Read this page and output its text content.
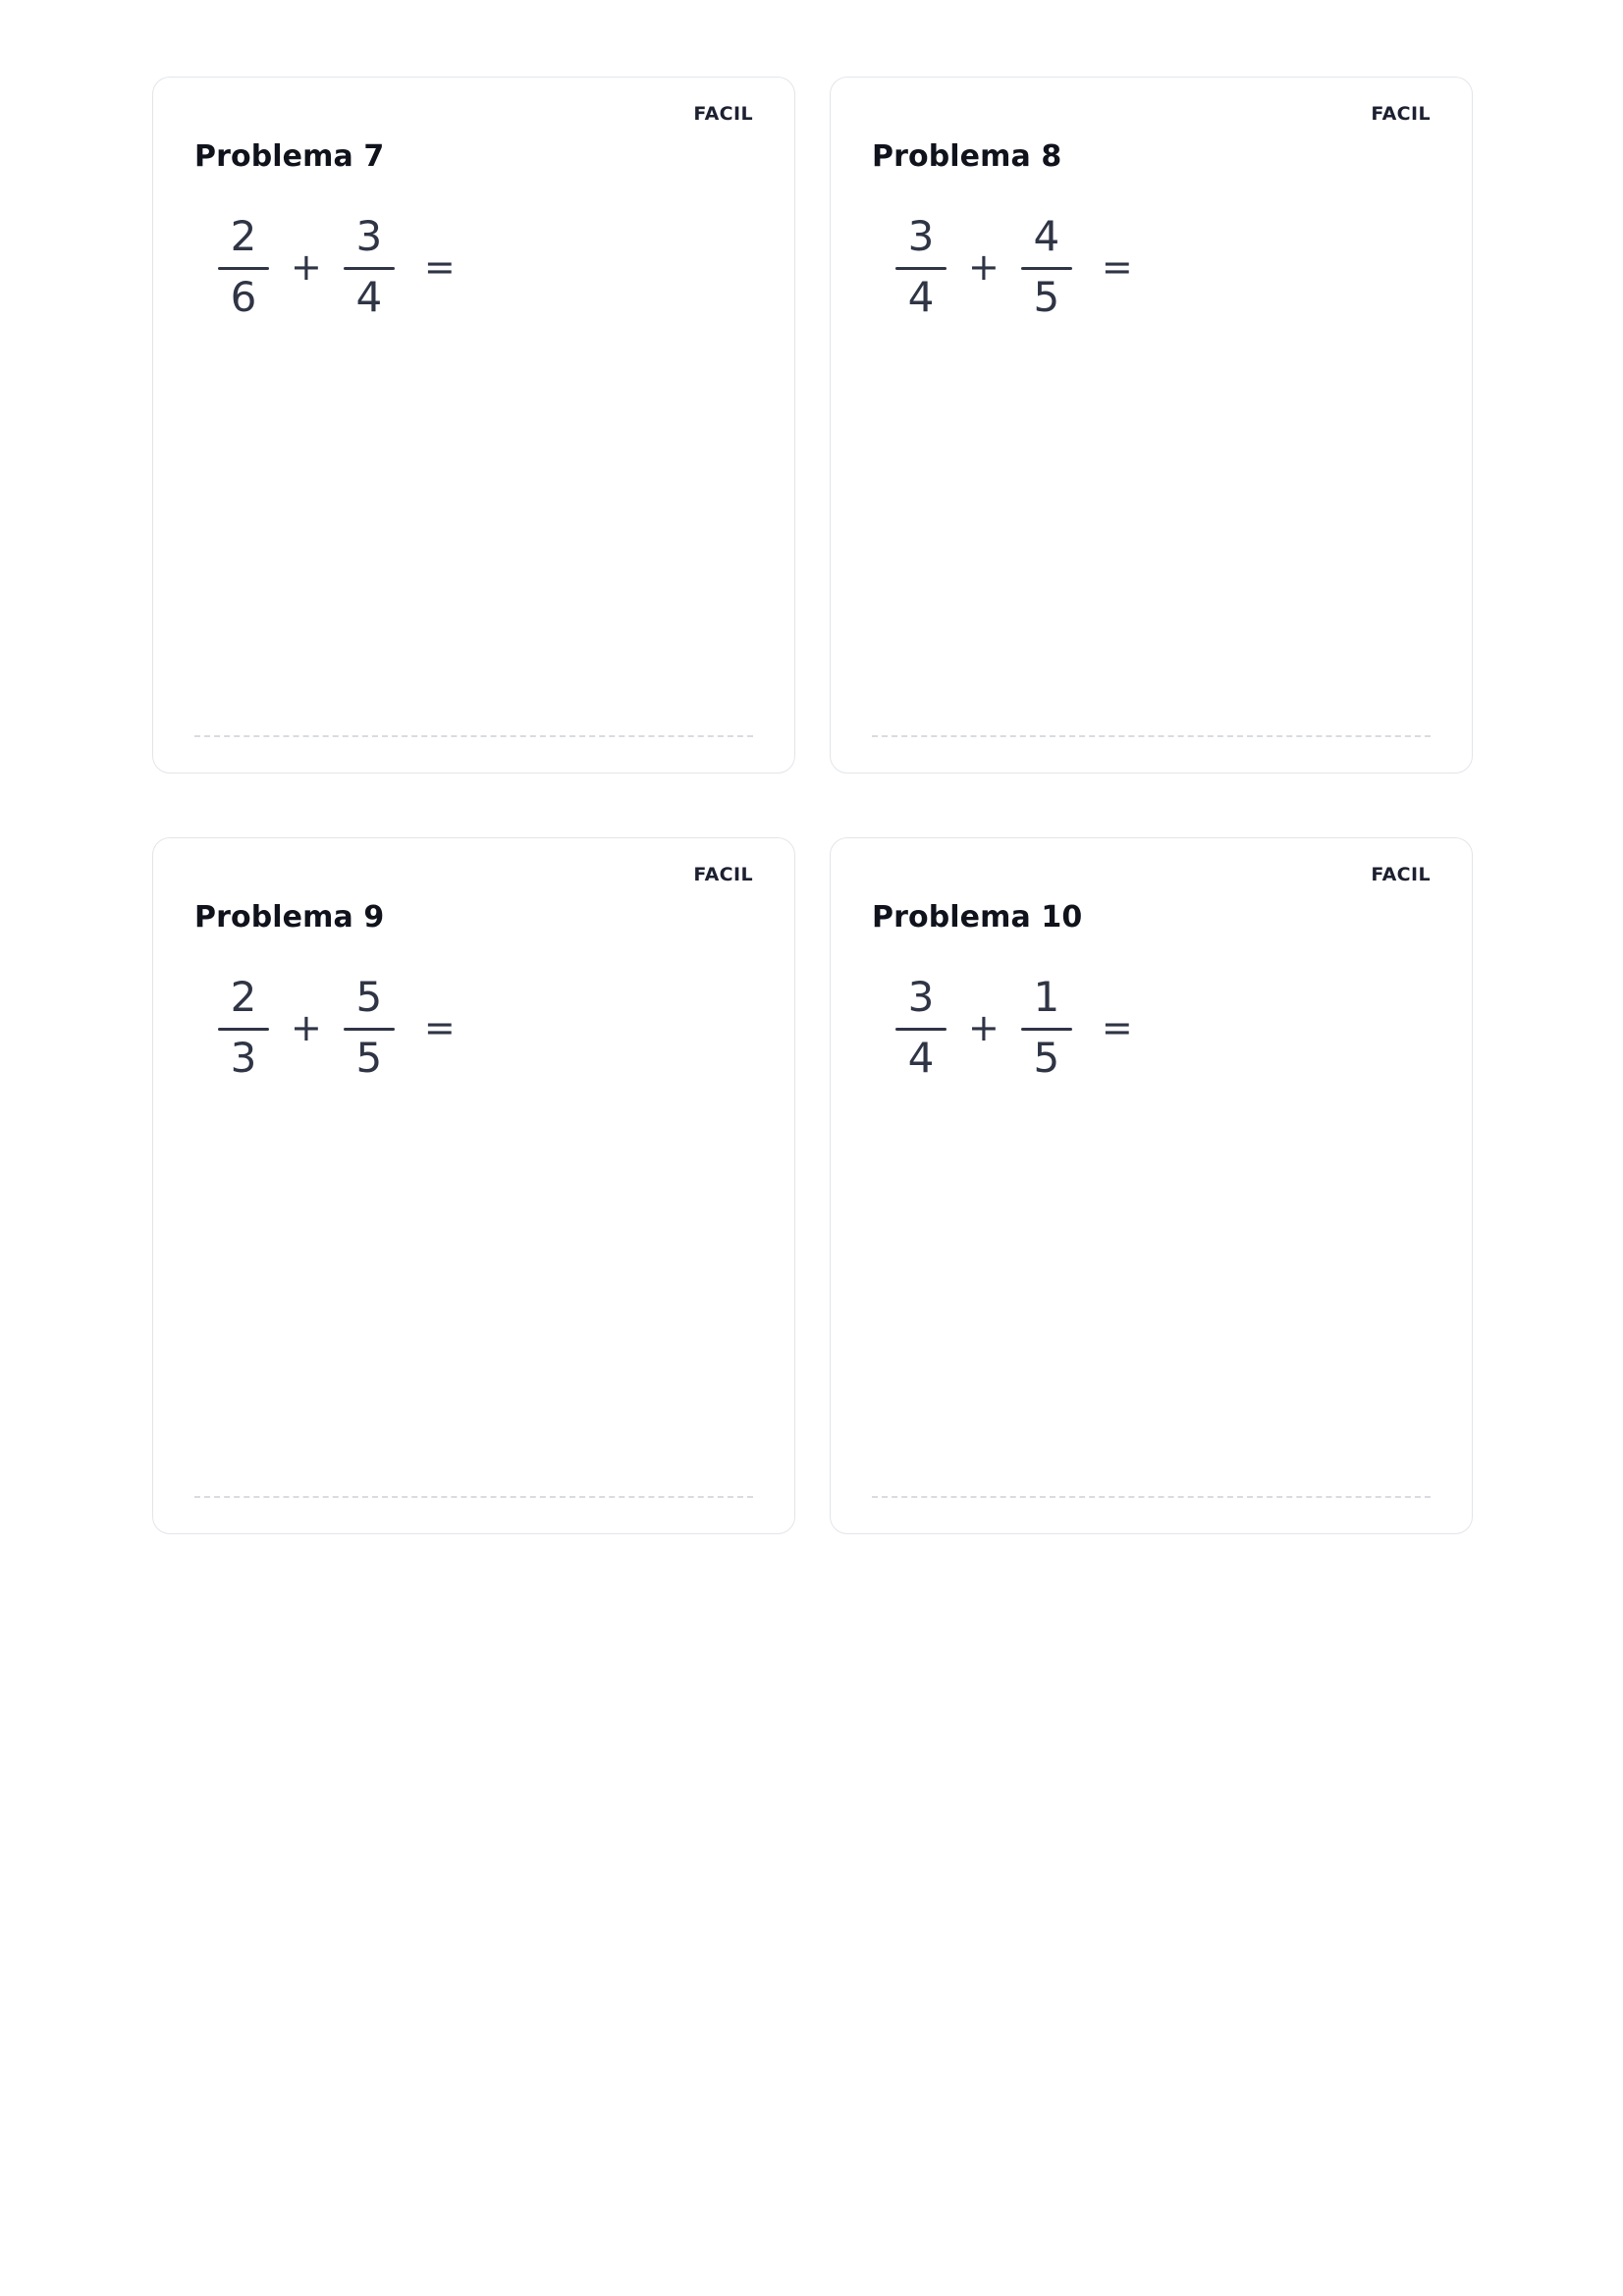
FACIL
Problema 7
$\frac{2}{6} + \frac{3}{4}$ =
FACIL
Problema 8
$\frac{3}{4} + \frac{4}{5}$ =
FACIL
Problema 9
$\frac{2}{3} + \frac{5}{5}$ =
FACIL
Problema 10
$\frac{3}{4} + \frac{1}{5}$ =
